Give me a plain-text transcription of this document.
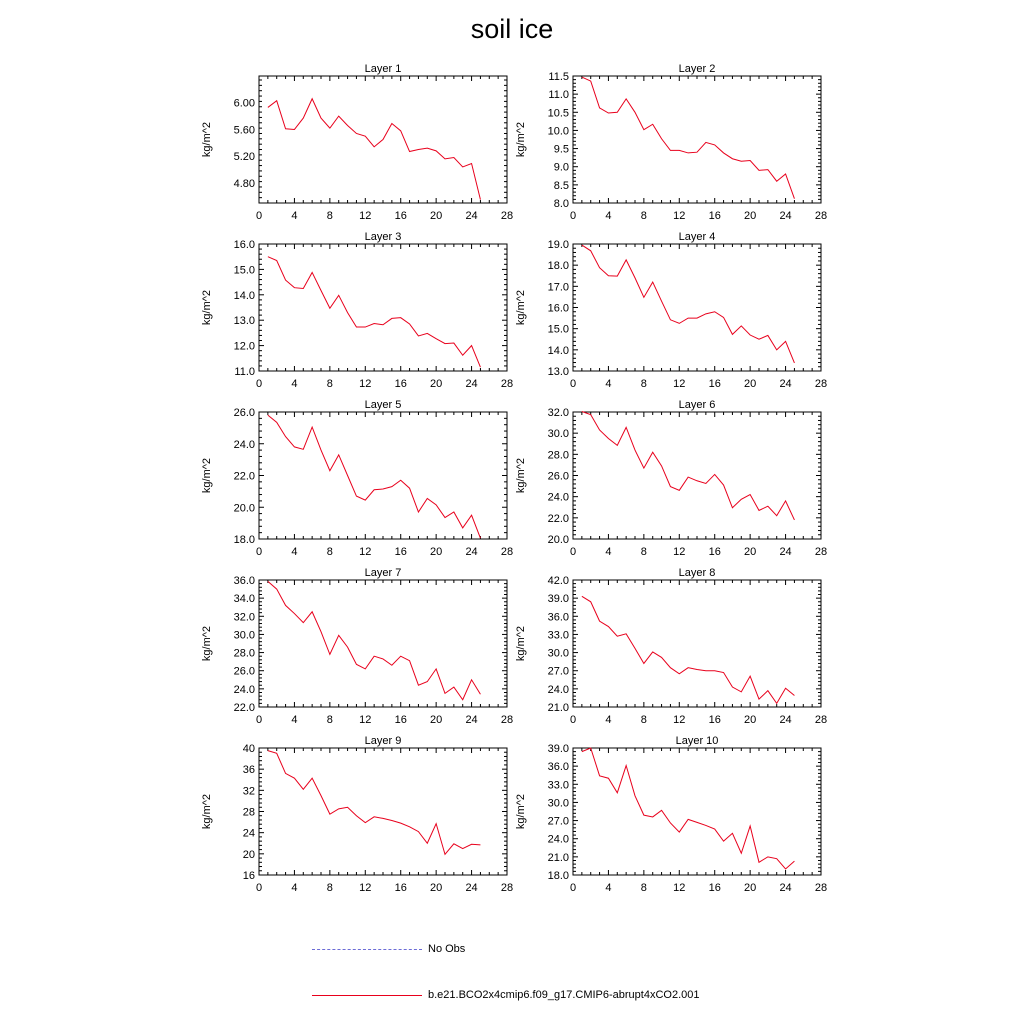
soil ice
Layer 1
0	4	8 12 16 20 24 28
4.80
5.20
5.60
6.00
kg/m^2
Layer 2
0	4	8 12 16 20 24 28
8.0
8.5
9.0
9.5
10.0
10.5
11.0
11.5
kg/m^2
Layer 3
0	4	8 12 16 20 24 28
11.0
12.0
13.0
14.0
15.0
16.0
kg/m^2
Layer 4
0	4	8 12 16 20 24 28
13.0
14.0
15.0
16.0
17.0
18.0
19.0
kg/m^2
Layer 5
0	4	8 12 16 20 24 28
18.0
20.0
22.0
24.0
26.0
kg/m^2
Layer 6
0	4	8 12 16 20 24 28
20.0
22.0
24.0
26.0
28.0
30.0
32.0
kg/m^2
Layer 7
0	4	8 12 16 20 24 28
22.0
24.0
26.0
28.0
30.0
32.0
34.0
36.0
kg/m^2
Layer 8
0	4	8 12 16 20 24 28
21.0
24.0
27.0
30.0
33.0
36.0
39.0
42.0
kg/m^2
Layer 9
0	4	8 12 16 20 24 28
16
20
24
28
32
36
40
kg/m^2
Layer 10
0	4	8 12 16 20 24 28
18.0
21.0
24.0
27.0
30.0
33.0
36.0
39.0
kg/m^2
No Obs
b.e21.BCO2x4cmip6.f09_g17.CMIP6-abrupt4xCO2.001
